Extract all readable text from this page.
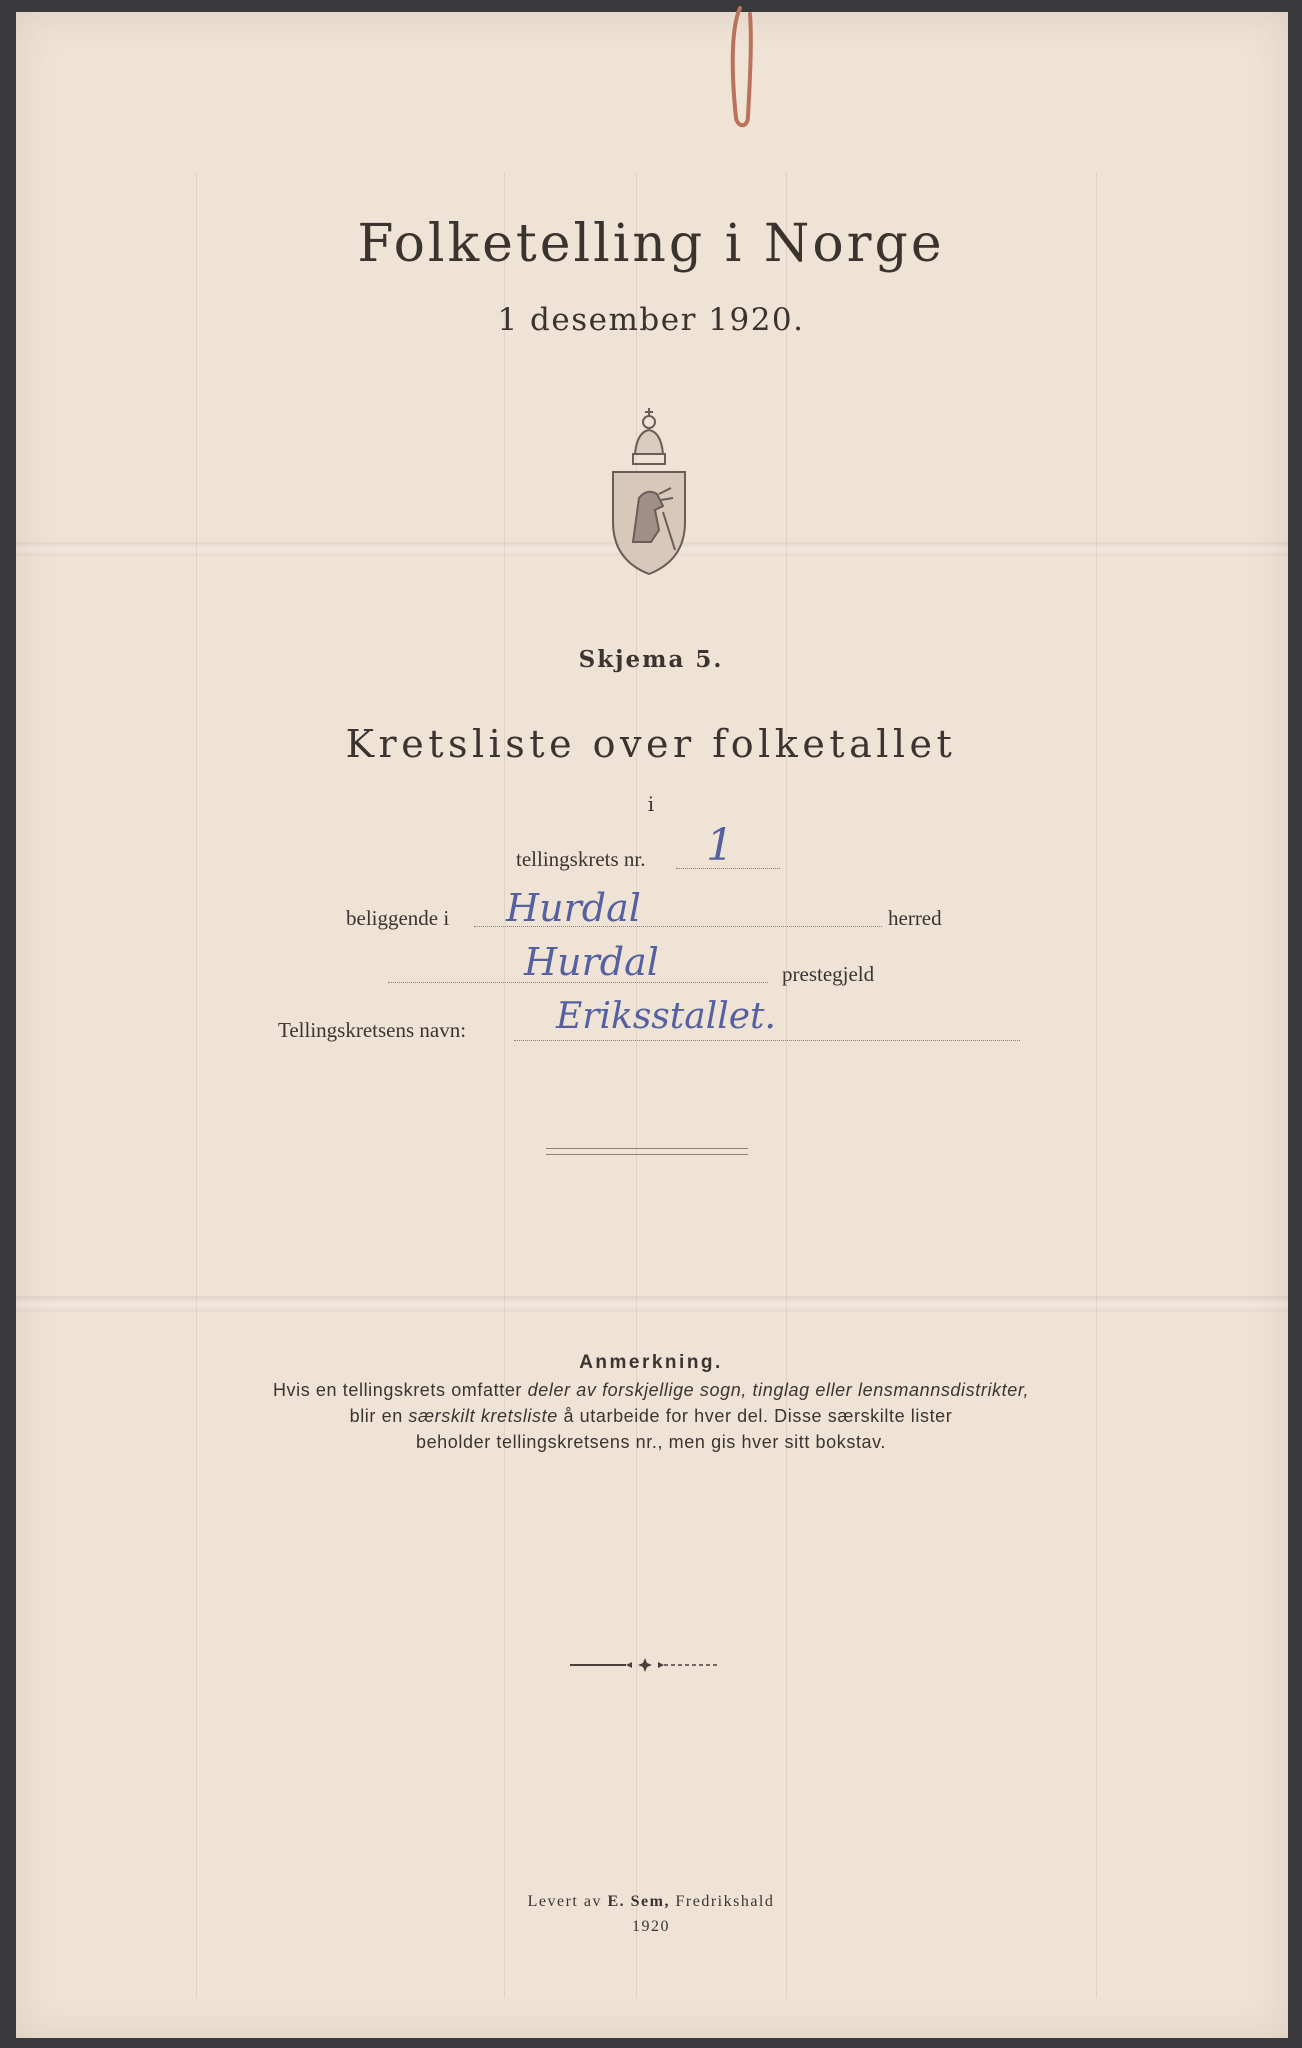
Folketelling i Norge
1 desember 1920.
Skjema 5.
Kretsliste over folketallet
i
tellingskrets nr. 1
beliggende i Hurdal	herred
Hurdal	prestegjeld
Tellingskretsens navn: Eriksstallet.
Anmerkning.
Hvis en tellingskrets omfatter deler av forskjellige sogn, tinglag eller lensmannsdistrikter,
blir en særskilt kretsliste å utarbeide for hver del. Disse særskilte lister
beholder tellingskretsens nr., men gis hver sitt bokstav.
Levert av E. Sem, Fredrikshald
1920
